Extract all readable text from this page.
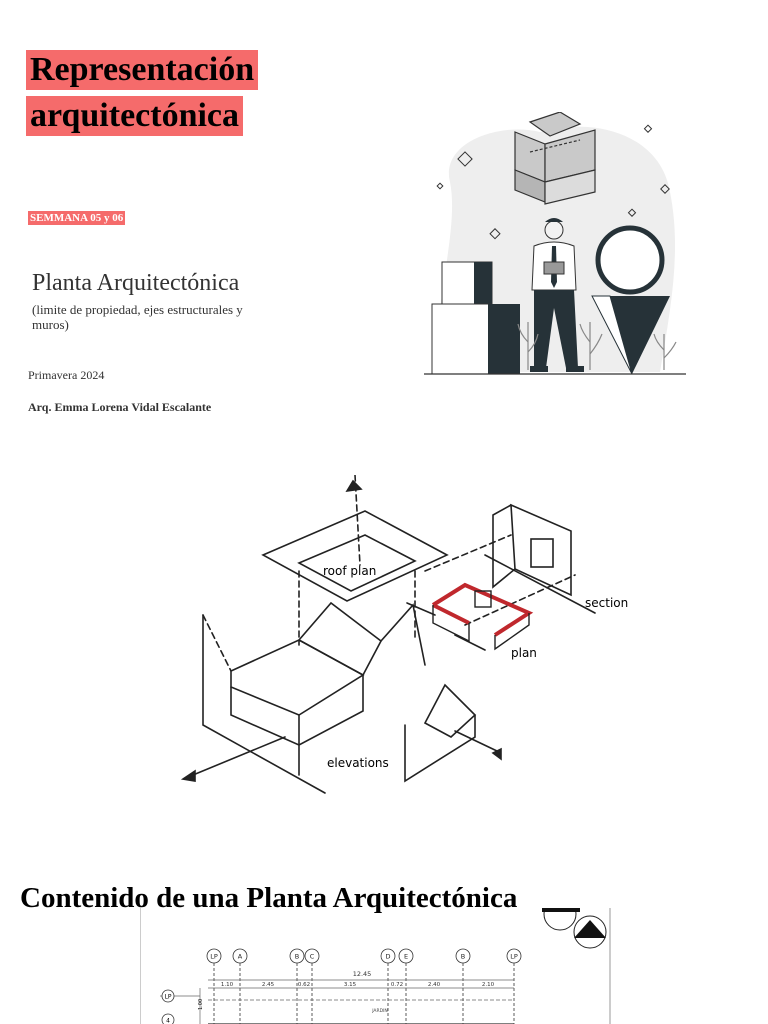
Representación
arquitectónica
SEMMANA 05 y 06
Planta Arquitectónica
(limite de propiedad, ejes estructurales y muros)
Primavera 2024
Arq. Emma Lorena Vidal Escalante
roof plan
section
plan
elevations
Contenido de una Planta Arquitectónica
LP	A	B C	D E	B	LP
12.45
1.10	2.45	0.62	3.15	0.72	2.40	2.10
LP
4
1.00
JARDIN
